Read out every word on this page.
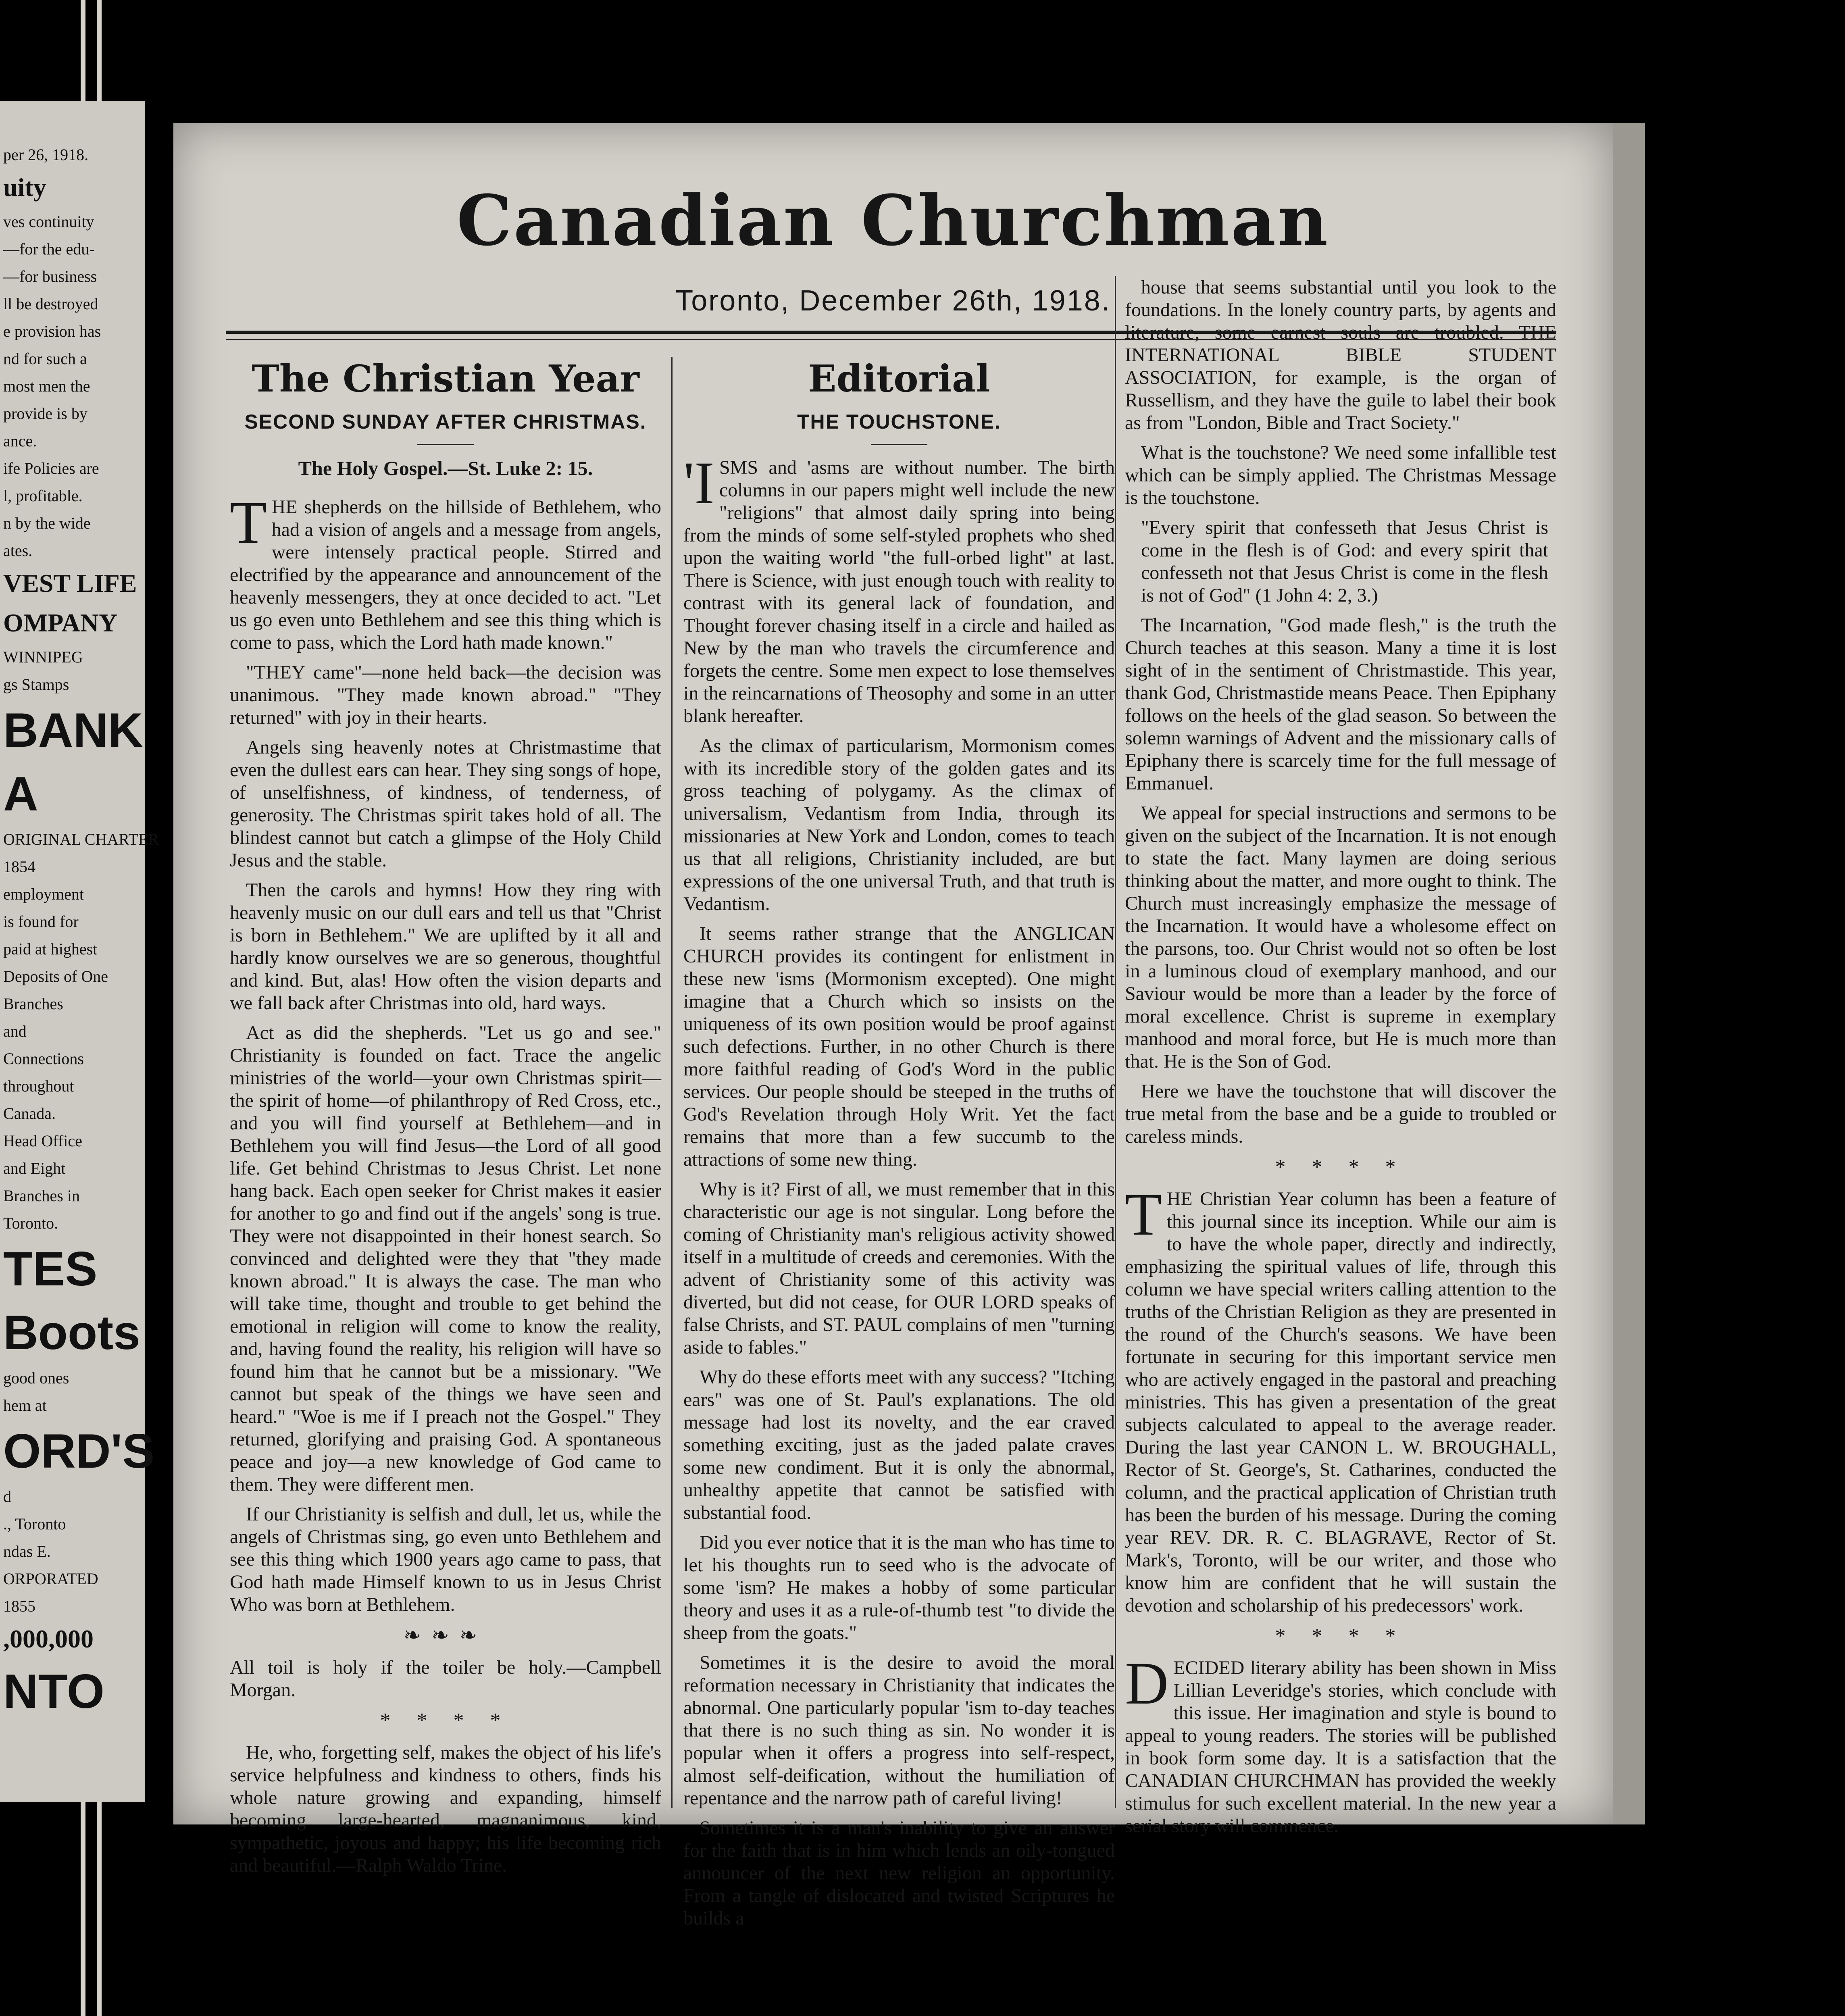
per 26, 1918.
uity
ves continuity
—for the edu-
—for business
ll be destroyed
e provision has
nd for such a
most men the
provide is by
ance.
ife Policies are
l, profitable.
n by the wide
ates.
VEST LIFE
OMPANY
WINNIPEG
gs Stamps
BANK
A
ORIGINAL CHARTER
1854
employment
is found for
paid at highest
Deposits of One
Branches
and
Connections
throughout
Canada.
Head Office
and Eight
Branches in
Toronto.
TES
Boots
good ones
hem at
ORD'S
d
., Toronto
ndas E.
ORPORATED
1855
,000,000
NTO
Canadian Churchman
Toronto, December 26th, 1918.
The Christian Year
SECOND SUNDAY AFTER CHRISTMAS.
The Holy Gospel.—St. Luke 2: 15.

THE shepherds on the hillside of Bethlehem, who had a vision of angels and a message from angels, were intensely practical people. Stirred and electrified by the appearance and announcement of the heavenly messengers, they at once decided to act. "Let us go even unto Bethlehem and see this thing which is come to pass, which the Lord hath made known."

"THEY came"—none held back—the decision was unanimous. "They made known abroad." "They returned" with joy in their hearts.

Angels sing heavenly notes at Christmastime that even the dullest ears can hear. They sing songs of hope, of unselfishness, of kindness, of tenderness, of generosity. The Christmas spirit takes hold of all. The blindest cannot but catch a glimpse of the Holy Child Jesus and the stable.

Then the carols and hymns! How they ring with heavenly music on our dull ears and tell us that "Christ is born in Bethlehem." We are uplifted by it all and hardly know ourselves we are so generous, thoughtful and kind. But, alas! How often the vision departs and we fall back after Christmas into old, hard ways.

Act as did the shepherds. "Let us go and see." Christianity is founded on fact. Trace the angelic ministries of the world—your own Christmas spirit—the spirit of home—of philanthropy of Red Cross, etc., and you will find yourself at Bethlehem—and in Bethlehem you will find Jesus—the Lord of all good life. Get behind Christmas to Jesus Christ. Let none hang back. Each open seeker for Christ makes it easier for another to go and find out if the angels' song is true. They were not disappointed in their honest search. So convinced and delighted were they that "they made known abroad." It is always the case. The man who will take time, thought and trouble to get behind the emotional in religion will come to know the reality, and, having found the reality, his religion will have so found him that he cannot but be a missionary. "We cannot but speak of the things we have seen and heard." "Woe is me if I preach not the Gospel." They returned, glorifying and praising God. A spontaneous peace and joy—a new knowledge of God came to them. They were different men.

If our Christianity is selfish and dull, let us, while the angels of Christmas sing, go even unto Bethlehem and see this thing which 1900 years ago came to pass, that God hath made Himself known to us in Jesus Christ Who was born at Bethlehem.

❧❧❧

All toil is holy if the toiler be holy.—Campbell Morgan.

* * * *

He, who, forgetting self, makes the object of his life's service helpfulness and kindness to others, finds his whole nature growing and expanding, himself becoming large-hearted, magnanimous, kind, sympathetic, joyous and happy; his life becoming rich and beautiful.—Ralph Waldo Trine.

Editorial
THE TOUCHSTONE.

'ISMS and 'asms are without number. The birth columns in our papers might well include the new "religions" that almost daily spring into being from the minds of some self-styled prophets who shed upon the waiting world "the full-orbed light" at last. There is Science, with just enough touch with reality to contrast with its general lack of foundation, and Thought forever chasing itself in a circle and hailed as New by the man who travels the circumference and forgets the centre. Some men expect to lose themselves in the reincarnations of Theosophy and some in an utter blank hereafter.

As the climax of particularism, Mormonism comes with its incredible story of the golden gates and its gross teaching of polygamy. As the climax of universalism, Vedantism from India, through its missionaries at New York and London, comes to teach us that all religions, Christianity included, are but expressions of the one universal Truth, and that truth is Vedantism.

It seems rather strange that the ANGLICAN CHURCH provides its contingent for enlistment in these new 'isms (Mormonism excepted). One might imagine that a Church which so insists on the uniqueness of its own position would be proof against such defections. Further, in no other Church is there more faithful reading of God's Word in the public services. Our people should be steeped in the truths of God's Revelation through Holy Writ. Yet the fact remains that more than a few succumb to the attractions of some new thing.

Why is it? First of all, we must remember that in this characteristic our age is not singular. Long before the coming of Christianity man's religious activity showed itself in a multitude of creeds and ceremonies. With the advent of Christianity some of this activity was diverted, but did not cease, for OUR LORD speaks of false Christs, and ST. PAUL complains of men "turning aside to fables."

Why do these efforts meet with any success? "Itching ears" was one of St. Paul's explanations. The old message had lost its novelty, and the ear craved something exciting, just as the jaded palate craves some new condiment. But it is only the abnormal, unhealthy appetite that cannot be satisfied with substantial food.

Did you ever notice that it is the man who has time to let his thoughts run to seed who is the advocate of some 'ism? He makes a hobby of some particular theory and uses it as a rule-of-thumb test "to divide the sheep from the goats."

Sometimes it is the desire to avoid the moral reformation necessary in Christianity that indicates the abnormal. One particularly popular 'ism to-day teaches that there is no such thing as sin. No wonder it is popular when it offers a progress into self-respect, almost self-deification, without the humiliation of repentance and the narrow path of careful living!

Sometimes it is a man's inability to give an answer for the faith that is in him which lends an oily-tongued announcer of the next new religion an opportunity. From a tangle of dislocated and twisted Scriptures he builds a

house that seems substantial until you look to the foundations. In the lonely country parts, by agents and literature, some earnest souls are troubled. THE INTERNATIONAL BIBLE STUDENT ASSOCIATION, for example, is the organ of Russellism, and they have the guile to label their book as from "London, Bible and Tract Society."

What is the touchstone? We need some infallible test which can be simply applied. The Christmas Message is the touchstone.

"Every spirit that confesseth that Jesus Christ is come in the flesh is of God: and every spirit that confesseth not that Jesus Christ is come in the flesh is not of God" (1 John 4: 2, 3.)

The Incarnation, "God made flesh," is the truth the Church teaches at this season. Many a time it is lost sight of in the sentiment of Christmastide. This year, thank God, Christmastide means Peace. Then Epiphany follows on the heels of the glad season. So between the solemn warnings of Advent and the missionary calls of Epiphany there is scarcely time for the full message of Emmanuel.

We appeal for special instructions and sermons to be given on the subject of the Incarnation. It is not enough to state the fact. Many laymen are doing serious thinking about the matter, and more ought to think. The Church must increasingly emphasize the message of the Incarnation. It would have a wholesome effect on the parsons, too. Our Christ would not so often be lost in a luminous cloud of exemplary manhood, and our Saviour would be more than a leader by the force of moral excellence. Christ is supreme in exemplary manhood and moral force, but He is much more than that. He is the Son of God.

Here we have the touchstone that will discover the true metal from the base and be a guide to troubled or careless minds.

* * * *

THE Christian Year column has been a feature of this journal since its inception. While our aim is to have the whole paper, directly and indirectly, emphasizing the spiritual values of life, through this column we have special writers calling attention to the truths of the Christian Religion as they are presented in the round of the Church's seasons. We have been fortunate in securing for this important service men who are actively engaged in the pastoral and preaching ministries. This has given a presentation of the great subjects calculated to appeal to the average reader. During the last year CANON L. W. BROUGHALL, Rector of St. George's, St. Catharines, conducted the column, and the practical application of Christian truth has been the burden of his message. During the coming year REV. DR. R. C. BLAGRAVE, Rector of St. Mark's, Toronto, will be our writer, and those who know him are confident that he will sustain the devotion and scholarship of his predecessors' work.

* * * *

DECIDED literary ability has been shown in Miss Lillian Leveridge's stories, which conclude with this issue. Her imagination and style is bound to appeal to young readers. The stories will be published in book form some day. It is a satisfaction that the CANADIAN CHURCHMAN has provided the weekly stimulus for such excellent material. In the new year a serial story will commence.
